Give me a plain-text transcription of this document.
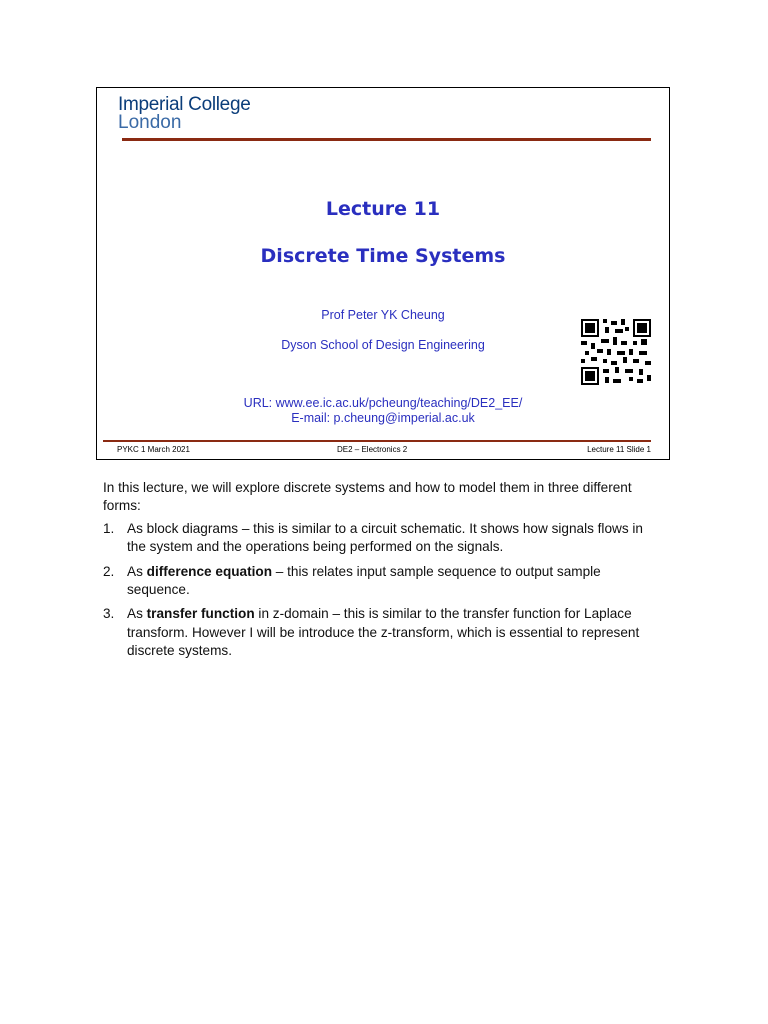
Imperial College
London
Lecture 11
Discrete Time Systems
Prof Peter YK Cheung
Dyson School of Design Engineering
URL: www.ee.ic.ac.uk/pcheung/teaching/DE2_EE/
E-mail: p.cheung@imperial.ac.uk
PYKC 1 March 2021	DE2 – Electronics 2	Lecture 11 Slide 1

In this lecture, we will explore discrete systems and how to model them in three different forms:

1. As block diagrams – this is similar to a circuit schematic. It shows how signals flows in the system and the operations being performed on the signals.
2. As difference equation – this relates input sample sequence to output sample sequence.
3. As transfer function in z-domain – this is similar to the transfer function for Laplace transform. However I will be introduce the z-transform, which is essential to represent discrete systems.
